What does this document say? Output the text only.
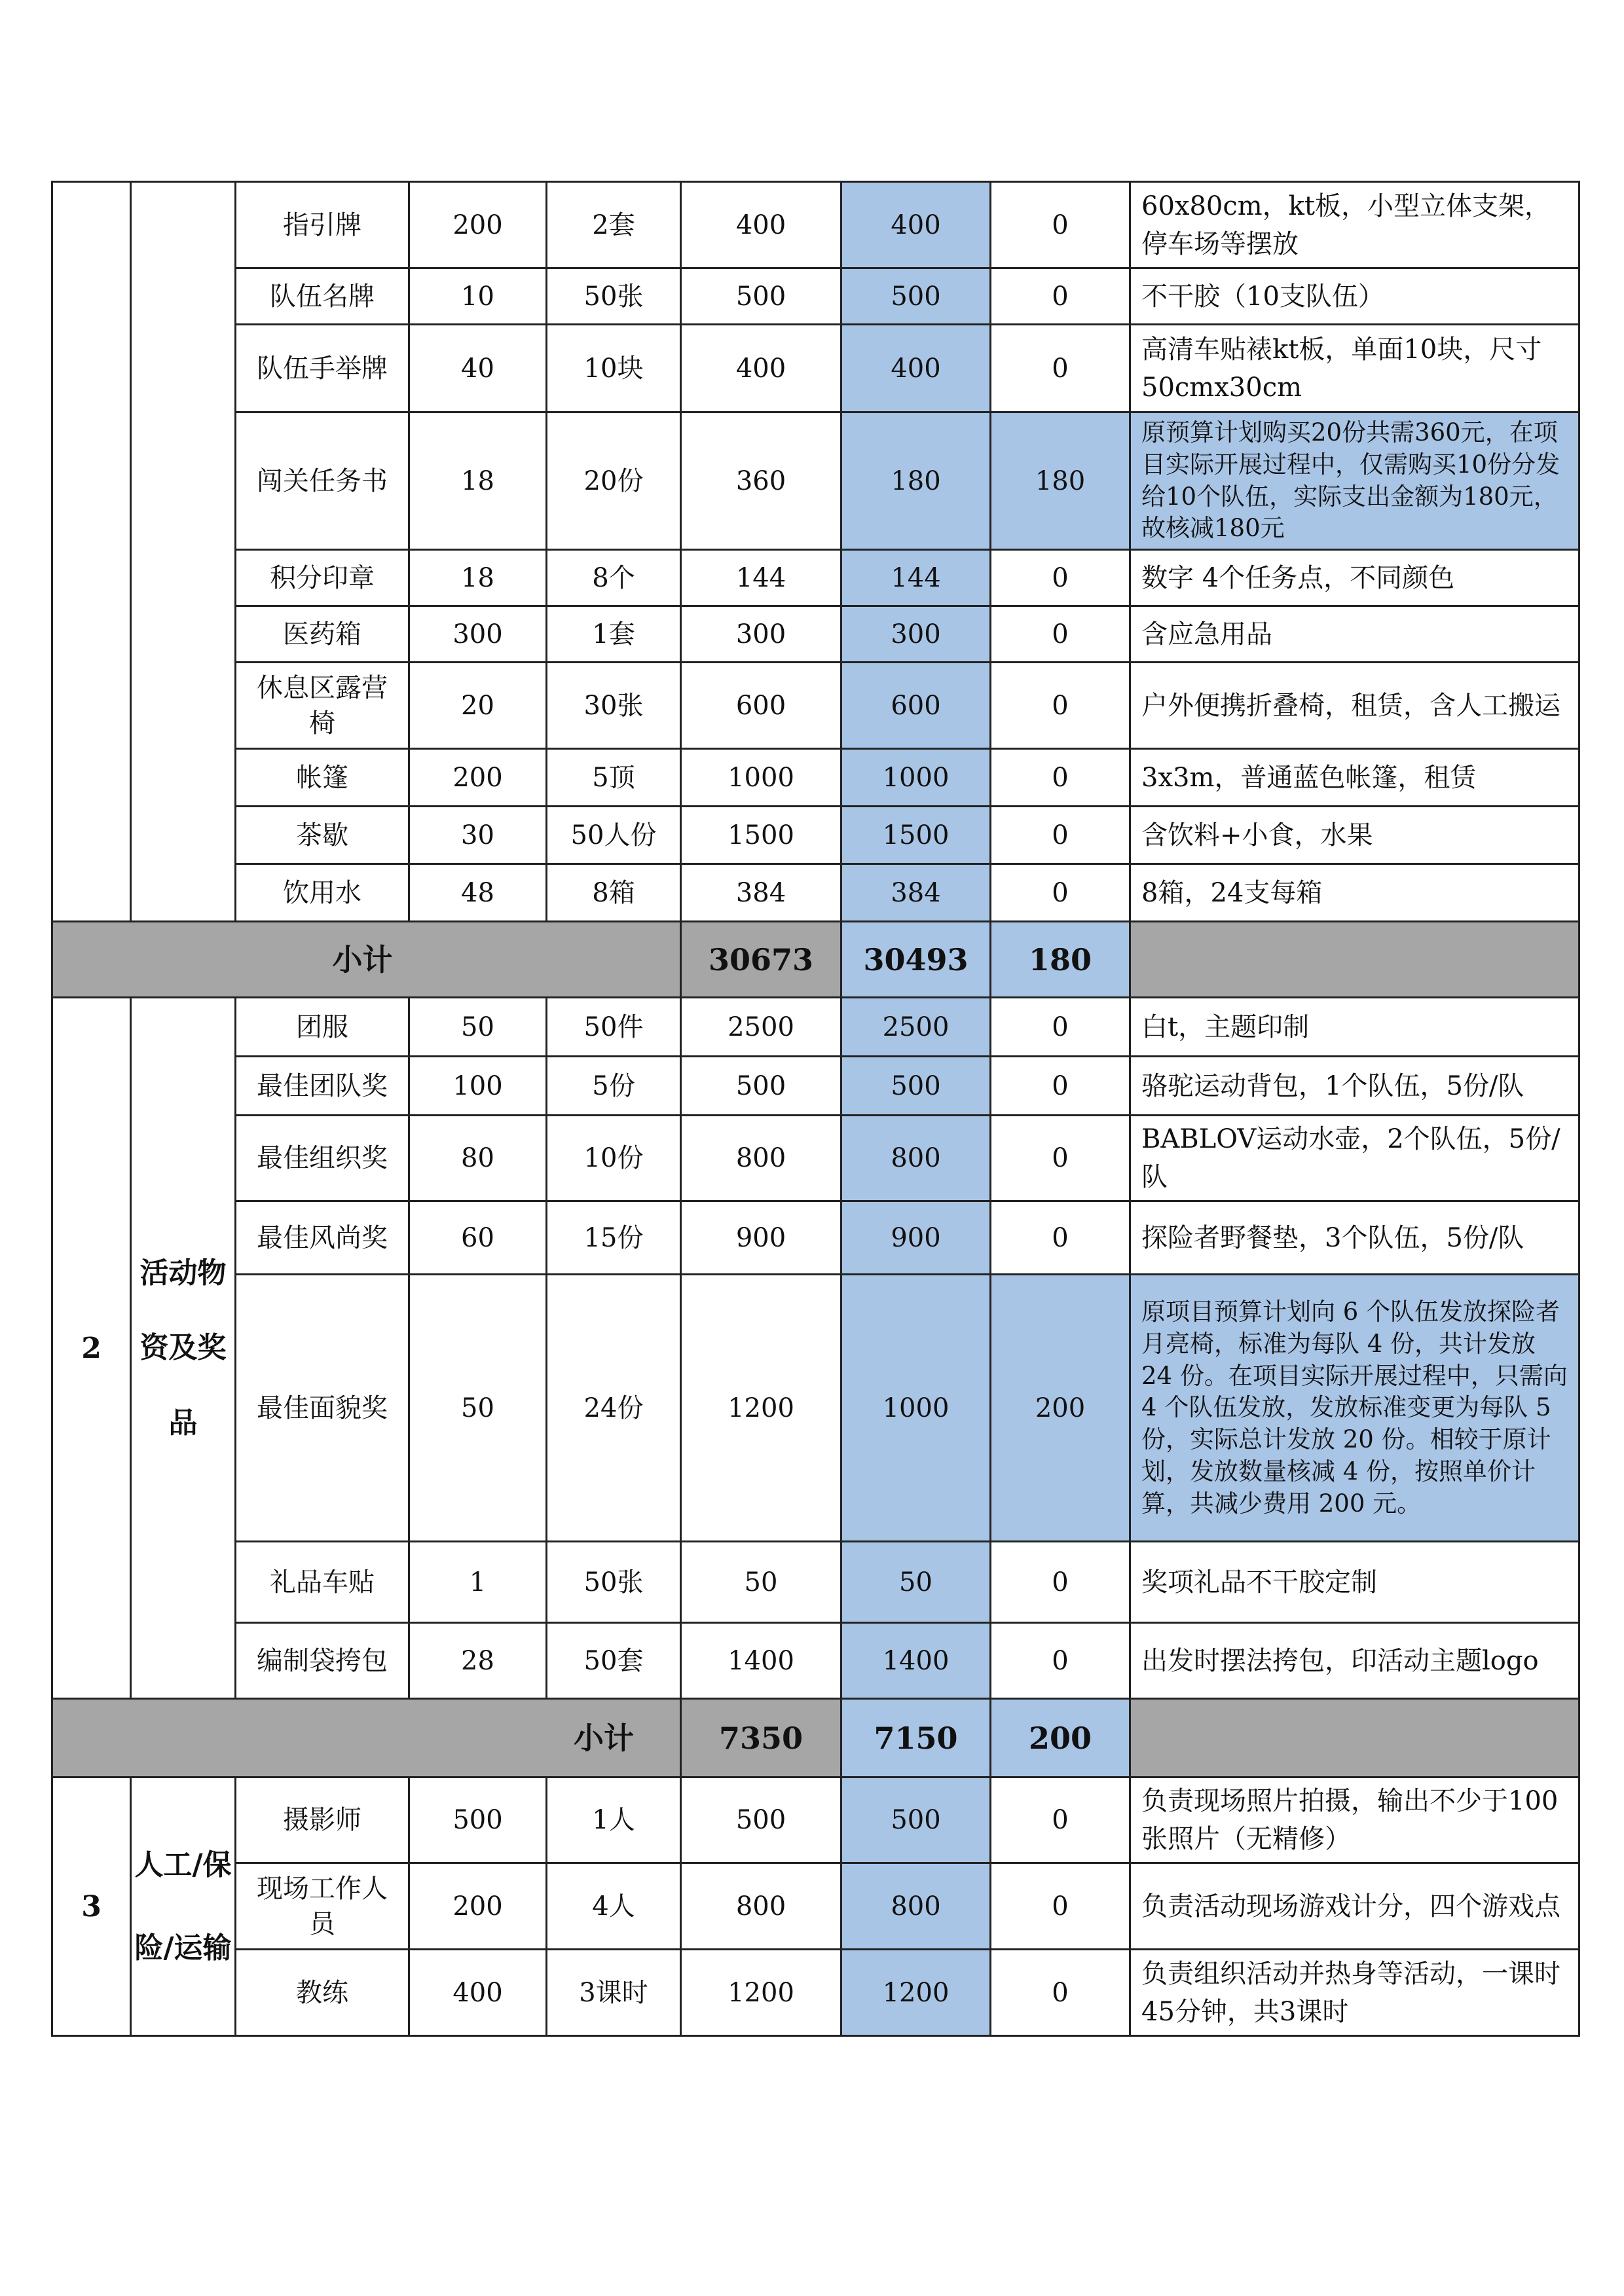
		指引牌	200	2套	400	400	0	60x80cm，kt板，小型立体支架，停车场等摆放
		队伍名牌	10	50张	500	500	0	不干胶（10支队伍）
		队伍手举牌	40	10块	400	400	0	高清车贴裱kt板，单面10块，尺寸50cmx30cm
		闯关任务书	18	20份	360	180	180	原预算计划购买20份共需360元，在项目实际开展过程中，仅需购买10份分发给10个队伍，实际支出金额为180元，故核减180元
		积分印章	18	8个	144	144	0	数字 4个任务点，不同颜色
		医药箱	300	1套	300	300	0	含应急用品
		休息区露营椅	20	30张	600	600	0	户外便携折叠椅，租赁，含人工搬运
		帐篷	200	5顶	1000	1000	0	3x3m，普通蓝色帐篷，租赁
		茶歇	30	50人份	1500	1500	0	含饮料+小食，水果
		饮用水	48	8箱	384	384	0	8箱，24支每箱
小计					30673	30493	180	
2	活动物资及奖品	团服	50	50件	2500	2500	0	白t，主题印制
		最佳团队奖	100	5份	500	500	0	骆驼运动背包，1个队伍，5份/队
		最佳组织奖	80	10份	800	800	0	BABLOV运动水壶，2个队伍，5份/队
		最佳风尚奖	60	15份	900	900	0	探险者野餐垫，3个队伍，5份/队
		最佳面貌奖	50	24份	1200	1000	200	原项目预算计划向 6 个队伍发放探险者月亮椅，标准为每队 4 份，共计发放 24 份。在项目实际开展过程中，只需向 4 个队伍发放，发放标准变更为每队 5 份，实际总计发放 20 份。相较于原计划，发放数量核减 4 份，按照单价计算，共减少费用 200 元。
		礼品车贴	1	50张	50	50	0	奖项礼品不干胶定制
		编制袋挎包	28	50套	1400	1400	0	出发时摆法挎包，印活动主题logo
小计					7350	7150	200	
3	人工/保险/运输	摄影师	500	1人	500	500	0	负责现场照片拍摄，输出不少于100张照片（无精修）
		现场工作人员	200	4人	800	800	0	负责活动现场游戏计分，四个游戏点
		教练	400	3课时	1200	1200	0	负责组织活动并热身等活动，一课时45分钟，共3课时
